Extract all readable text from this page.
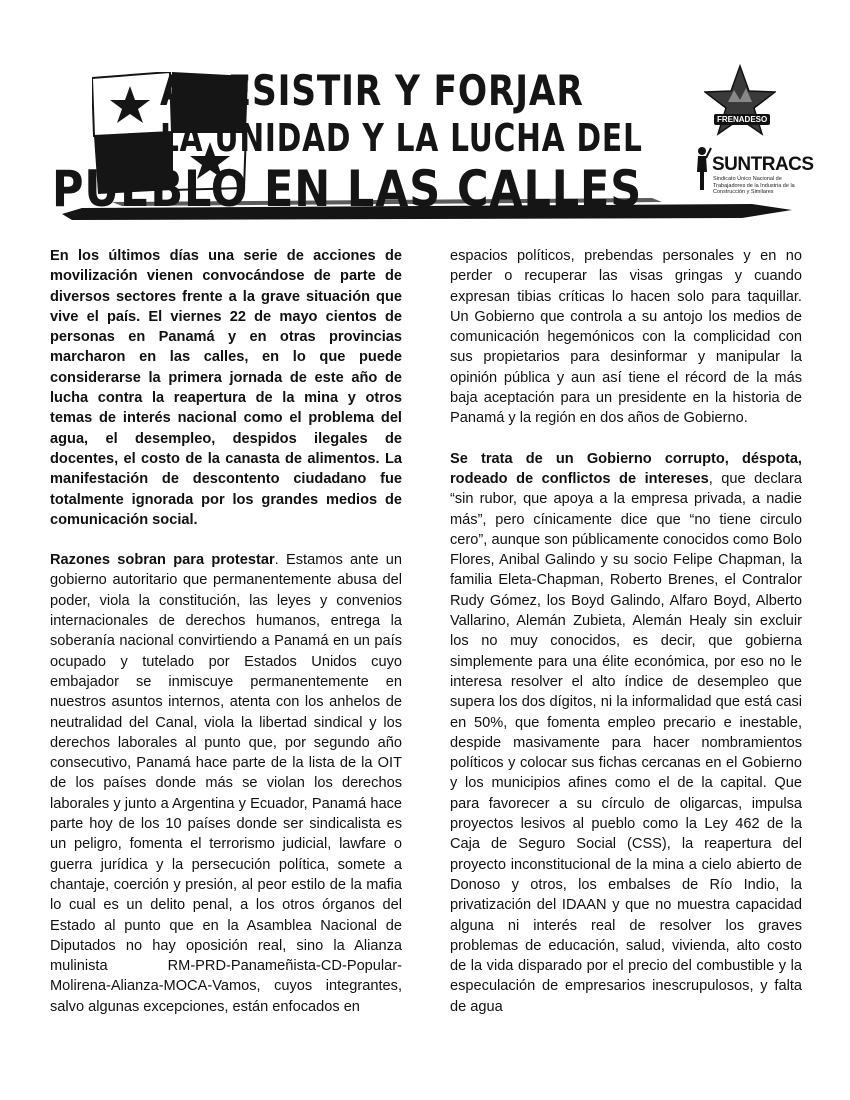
A RESISTIR Y FORJAR
LA UNIDAD Y LA LUCHA DEL
PUEBLO EN LAS CALLES
FRENADESO
SUNTRACS
Sindicato Único Nacional de Trabajadores de la Industria de la Construcción y Similares

En los últimos días una serie de acciones de movilización vienen convocándose de parte de diversos sectores frente a la grave situación que vive el país. El viernes 22 de mayo cientos de personas en Panamá y en otras provincias marcharon en las calles, en lo que puede considerarse la primera jornada de este año de lucha contra la reapertura de la mina y otros temas de interés nacional como el problema del agua, el desempleo, despidos ilegales de docentes, el costo de la canasta de alimentos. La manifestación de descontento ciudadano fue totalmente ignorada por los grandes medios de comunicación social.

Razones sobran para protestar. Estamos ante un gobierno autoritario que permanentemente abusa del poder, viola la constitución, las leyes y convenios internacionales de derechos humanos, entrega la soberanía nacional convirtiendo a Panamá en un país ocupado y tutelado por Estados Unidos cuyo embajador se inmiscuye permanentemente en nuestros asuntos internos, atenta con los anhelos de neutralidad del Canal, viola la libertad sindical y los derechos laborales al punto que, por segundo año consecutivo, Panamá hace parte de la lista de la OIT de los países donde más se violan los derechos laborales y junto a Argentina y Ecuador, Panamá hace parte hoy de los 10 países donde ser sindicalista es un peligro, fomenta el terrorismo judicial, lawfare o guerra jurídica y la persecución política, somete a chantaje, coerción y presión, al peor estilo de la mafia lo cual es un delito penal, a los otros órganos del Estado al punto que en la Asamblea Nacional de Diputados no hay oposición real, sino la Alianza mulinista RM-PRD-Panameñista-CD-Popular-Molirena-Alianza-MOCA-Vamos, cuyos integrantes, salvo algunas excepciones, están enfocados en

espacios políticos, prebendas personales y en no perder o recuperar las visas gringas y cuando expresan tibias críticas lo hacen solo para taquillar. Un Gobierno que controla a su antojo los medios de comunicación hegemónicos con la complicidad con sus propietarios para desinformar y manipular la opinión pública y aun así tiene el récord de la más baja aceptación para un presidente en la historia de Panamá y la región en dos años de Gobierno.

Se trata de un Gobierno corrupto, déspota, rodeado de conflictos de intereses, que declara “sin rubor, que apoya a la empresa privada, a nadie más”, pero cínicamente dice que “no tiene circulo cero”, aunque son públicamente conocidos como Bolo Flores, Anibal Galindo y su socio Felipe Chapman, la familia Eleta-Chapman, Roberto Brenes, el Contralor Rudy Gómez, los Boyd Galindo, Alfaro Boyd, Alberto Vallarino, Alemán Zubieta, Alemán Healy sin excluir los no muy conocidos, es decir, que gobierna simplemente para una élite económica, por eso no le interesa resolver el alto índice de desempleo que supera los dos dígitos, ni la informalidad que está casi en 50%, que fomenta empleo precario e inestable, despide masivamente para hacer nombramientos políticos y colocar sus fichas cercanas en el Gobierno y los municipios afines como el de la capital. Que para favorecer a su círculo de oligarcas, impulsa proyectos lesivos al pueblo como la Ley 462 de la Caja de Seguro Social (CSS), la reapertura del proyecto inconstitucional de la mina a cielo abierto de Donoso y otros, los embalses de Río Indio, la privatización del IDAAN y que no muestra capacidad alguna ni interés real de resolver los graves problemas de educación, salud, vivienda, alto costo de la vida disparado por el precio del combustible y la especulación de empresarios inescrupulosos, y falta de agua
